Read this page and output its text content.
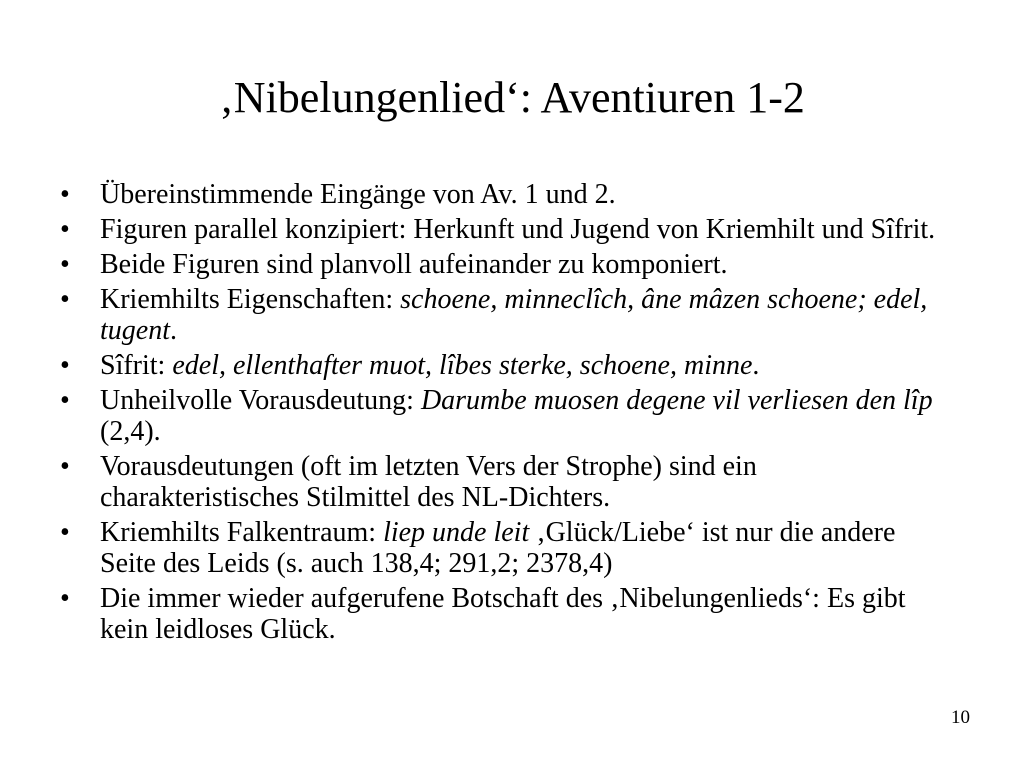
‚Nibelungenlied‘: Aventiuren 1-2
• Übereinstimmende Eingänge von Av. 1 und 2.
• Figuren parallel konzipiert: Herkunft und Jugend von Kriemhilt und Sîfrit.
• Beide Figuren sind planvoll aufeinander zu komponiert.
• Kriemhilts Eigenschaften: schoene, minneclîch, âne mâzen schoene; edel, tugent.
• Sîfrit: edel, ellenthafter muot, lîbes sterke, schoene, minne.
• Unheilvolle Vorausdeutung: Darumbe muosen degene vil verliesen den lîp (2,4).
• Vorausdeutungen (oft im letzten Vers der Strophe) sind ein charakteristisches Stilmittel des NL-Dichters.
• Kriemhilts Falkentraum: liep unde leit ‚Glück/Liebe‘ ist nur die andere Seite des Leids (s. auch 138,4; 291,2; 2378,4)
• Die immer wieder aufgerufene Botschaft des ‚Nibelungenlieds‘: Es gibt kein leidloses Glück.
10
